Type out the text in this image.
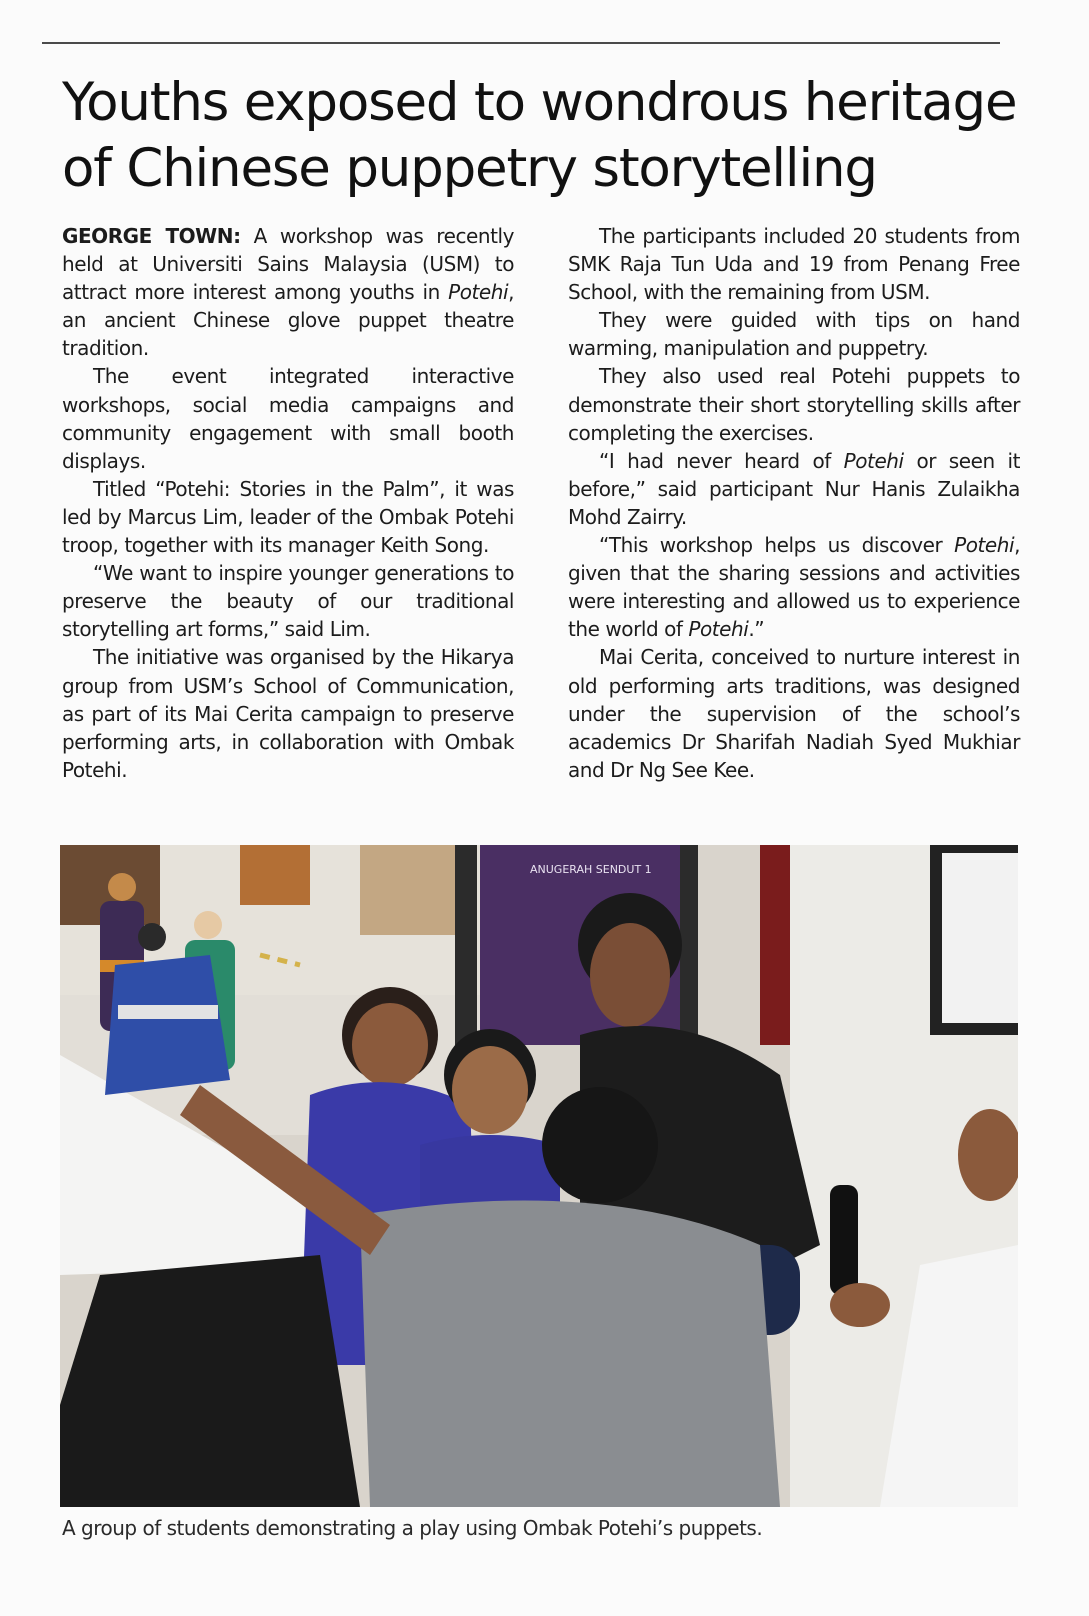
Youths exposed to wondrous heritage
of Chinese puppetry storytelling

GEORGE TOWN: A workshop was recently held at Universiti Sains Malaysia (USM) to attract more interest among youths in Potehi, an ancient Chinese glove puppet theatre tradition.

The event integrated interactive workshops, social media campaigns and community engagement with small booth displays.

Titled “Potehi: Stories in the Palm”, it was led by Marcus Lim, leader of the Ombak Potehi troop, together with its manager Keith Song.

“We want to inspire younger generations to preserve the beauty of our traditional storytelling art forms,” said Lim.

The initiative was organised by the Hikarya group from USM’s School of Communication, as part of its Mai Cerita campaign to preserve performing arts, in collaboration with Ombak Potehi.

The participants included 20 students from SMK Raja Tun Uda and 19 from Penang Free School, with the remaining from USM.

They were guided with tips on hand warming, manipulation and puppetry.

They also used real Potehi puppets to demonstrate their short storytelling skills after completing the exercises.

“I had never heard of Potehi or seen it before,” said participant Nur Hanis Zulaikha Mohd Zairry.

“This workshop helps us discover Potehi, given that the sharing sessions and activities were interesting and allowed us to experience the world of Potehi.”

Mai Cerita, conceived to nurture interest in old performing arts traditions, was designed under the supervision of the school’s academics Dr Sharifah Nadiah Syed Mukhiar and Dr Ng See Kee.

ANUGERAH SENDUT 1
A group of students demonstrating a play using Ombak Potehi’s puppets.
